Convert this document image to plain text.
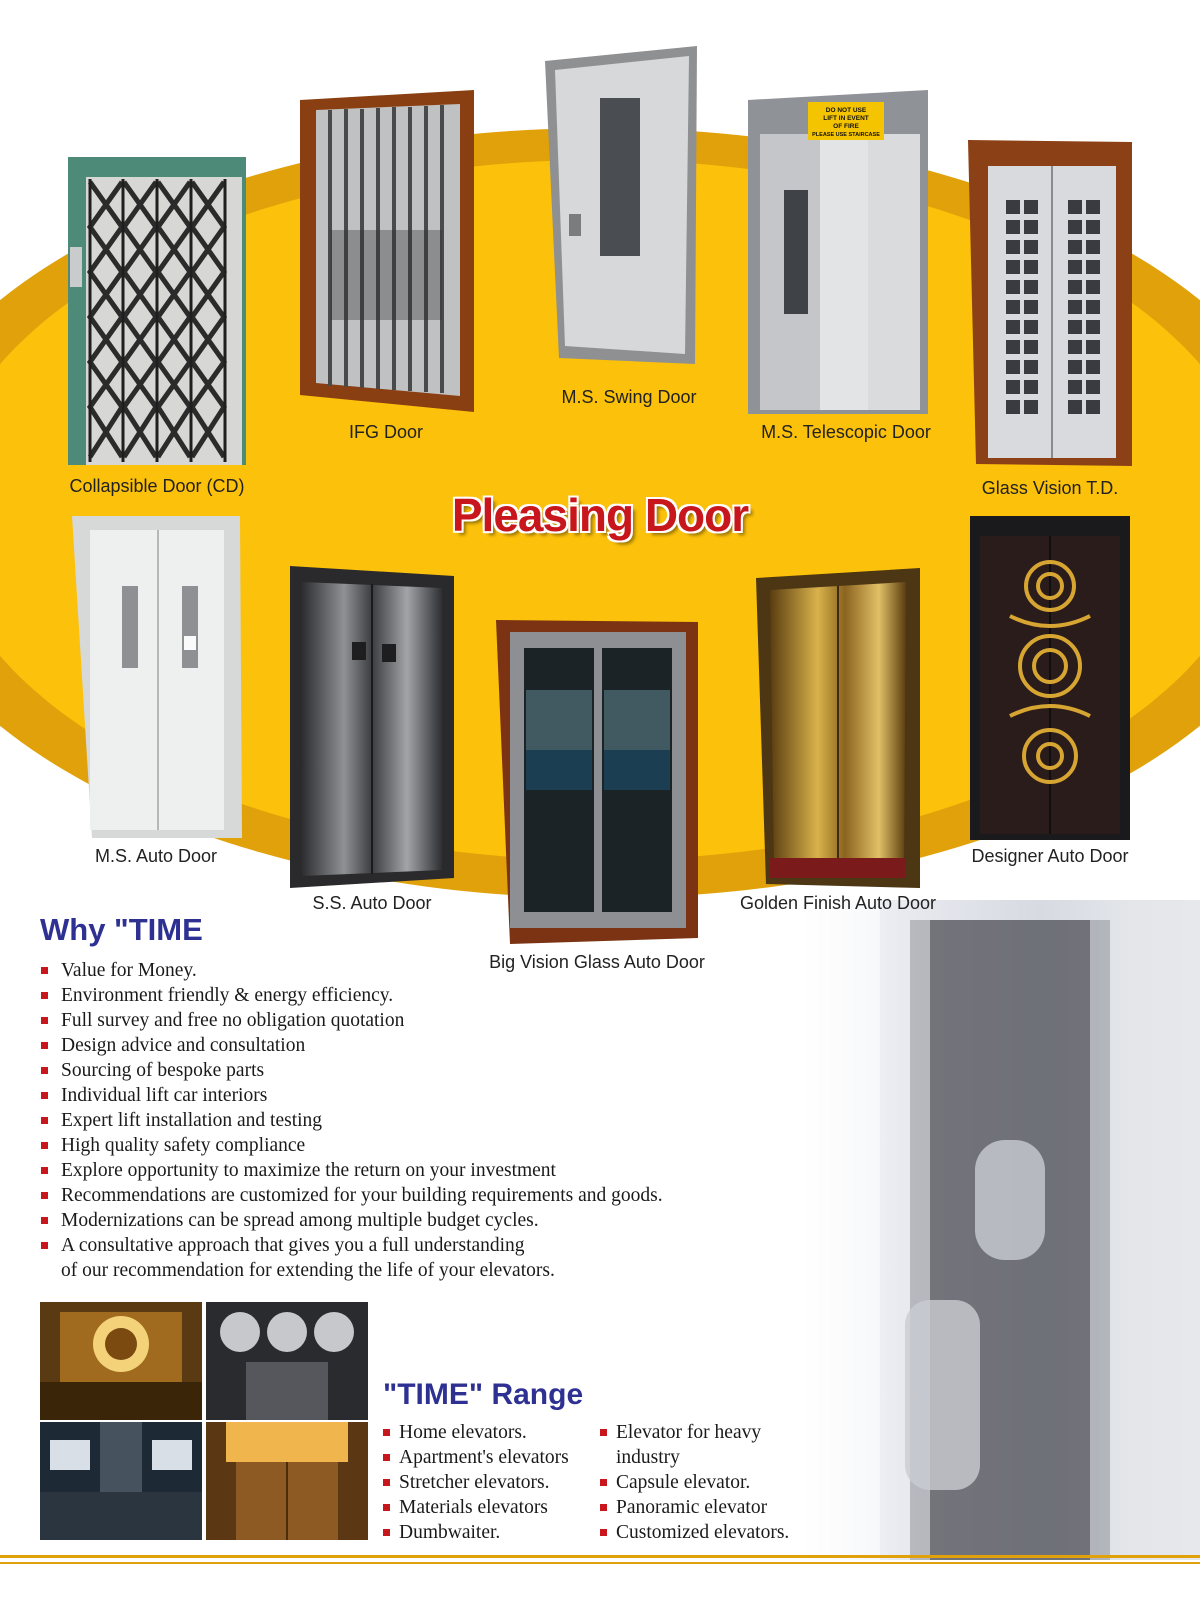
Collapsible Door (CD)
IFG Door
M.S. Swing Door
DO NOT USE
LIFT IN EVENT
OF FIRE
PLEASE USE STAIRCASE
M.S. Telescopic Door
Glass Vision T.D.
Pleasing Door
M.S. Auto Door
S.S. Auto Door
Big Vision Glass Auto Door
Golden Finish Auto Door
Designer Auto Door
Why "TIME
Value for Money.
Environment friendly & energy efficiency.
Full survey and free no obligation quotation
Design advice and consultation
Sourcing of bespoke parts
Individual lift car interiors
Expert lift installation and testing
High quality safety compliance
Explore opportunity to maximize the return on your investment
Recommendations are customized for your building requirements and goods.
Modernizations can be spread among multiple budget cycles.
A consultative approach that gives you a full understanding
of our recommendation for extending the life of your elevators.
"TIME" Range
Home elevators.
Apartment's elevators
Stretcher elevators.
Materials elevators
Dumbwaiter.
Elevator for heavy
industry
Capsule elevator.
Panoramic elevator
Customized elevators.
